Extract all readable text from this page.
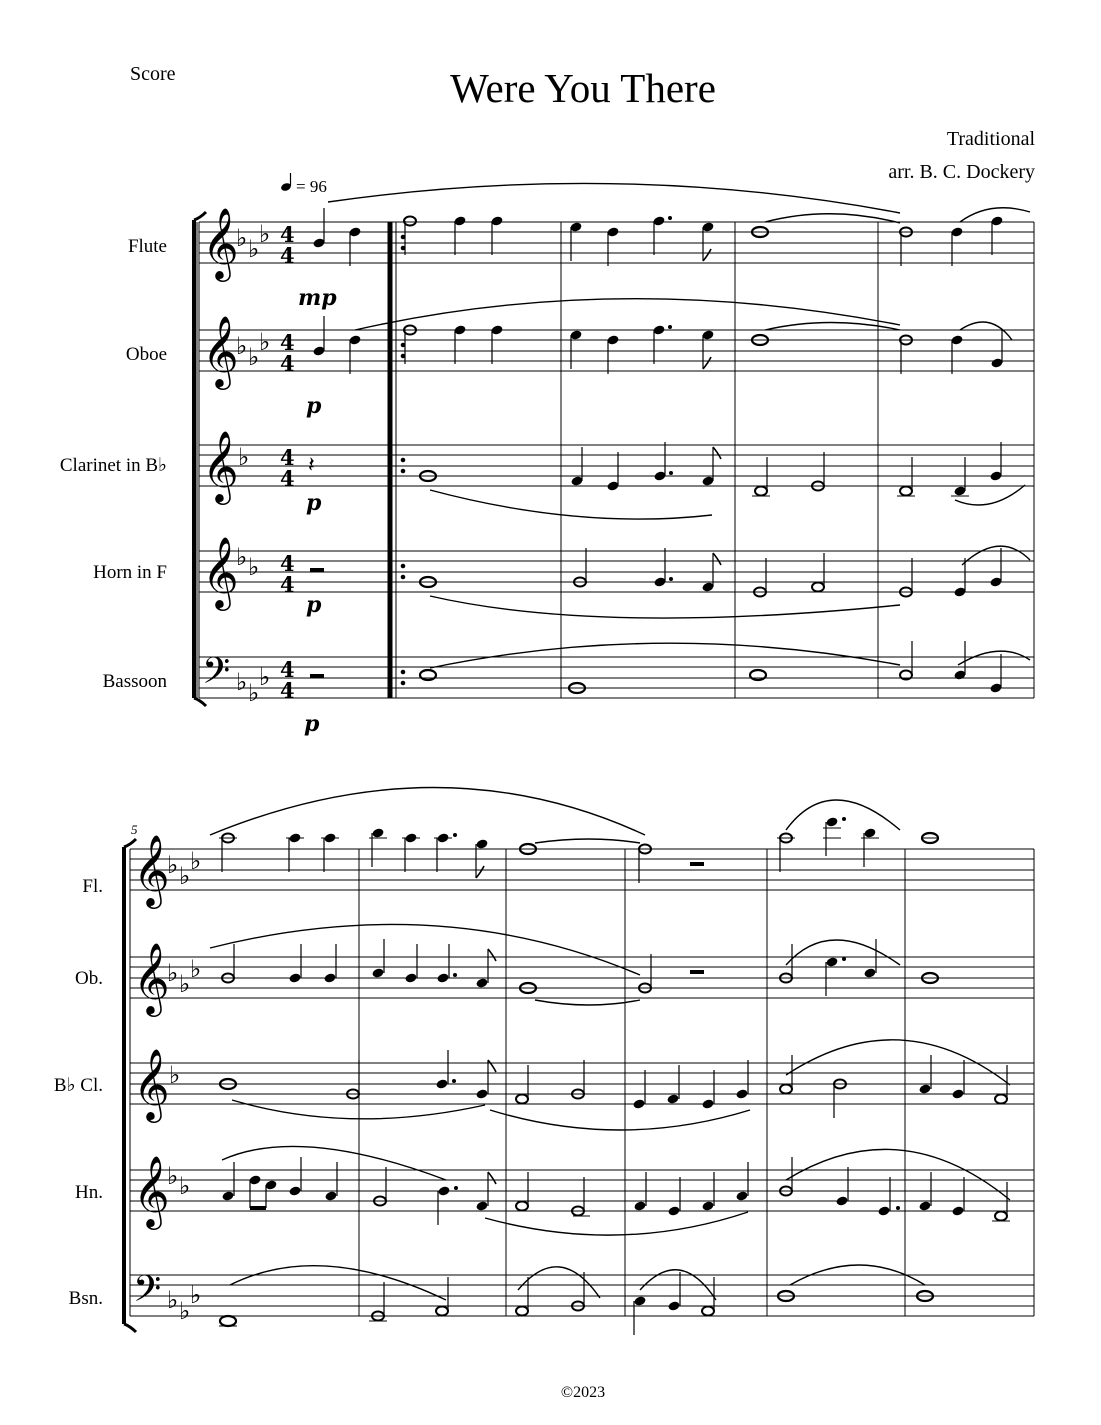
Score	Were You There
Traditional
arr. B. C. Dockery
= 96
Flute 𝄞
♭ ♭
♭ 4
4
mp
Oboe 𝄞
♭ ♭
♭ 4
4
p
Clarinet in B♭ 𝄞 ♭ 4
4
𝄽
p
Horn in F 𝄞
♭ ♭ 4
4
p
Bassoon 𝄢 ♭ ♭
♭ 4
4
p
5
Fl. 𝄞
♭ ♭
♭
Ob. 𝄞
♭ ♭
♭
B♭ Cl. 𝄞 ♭
Hn. 𝄞
♭ ♭
Bsn. 𝄢 ♭ ♭
♭
©2023
